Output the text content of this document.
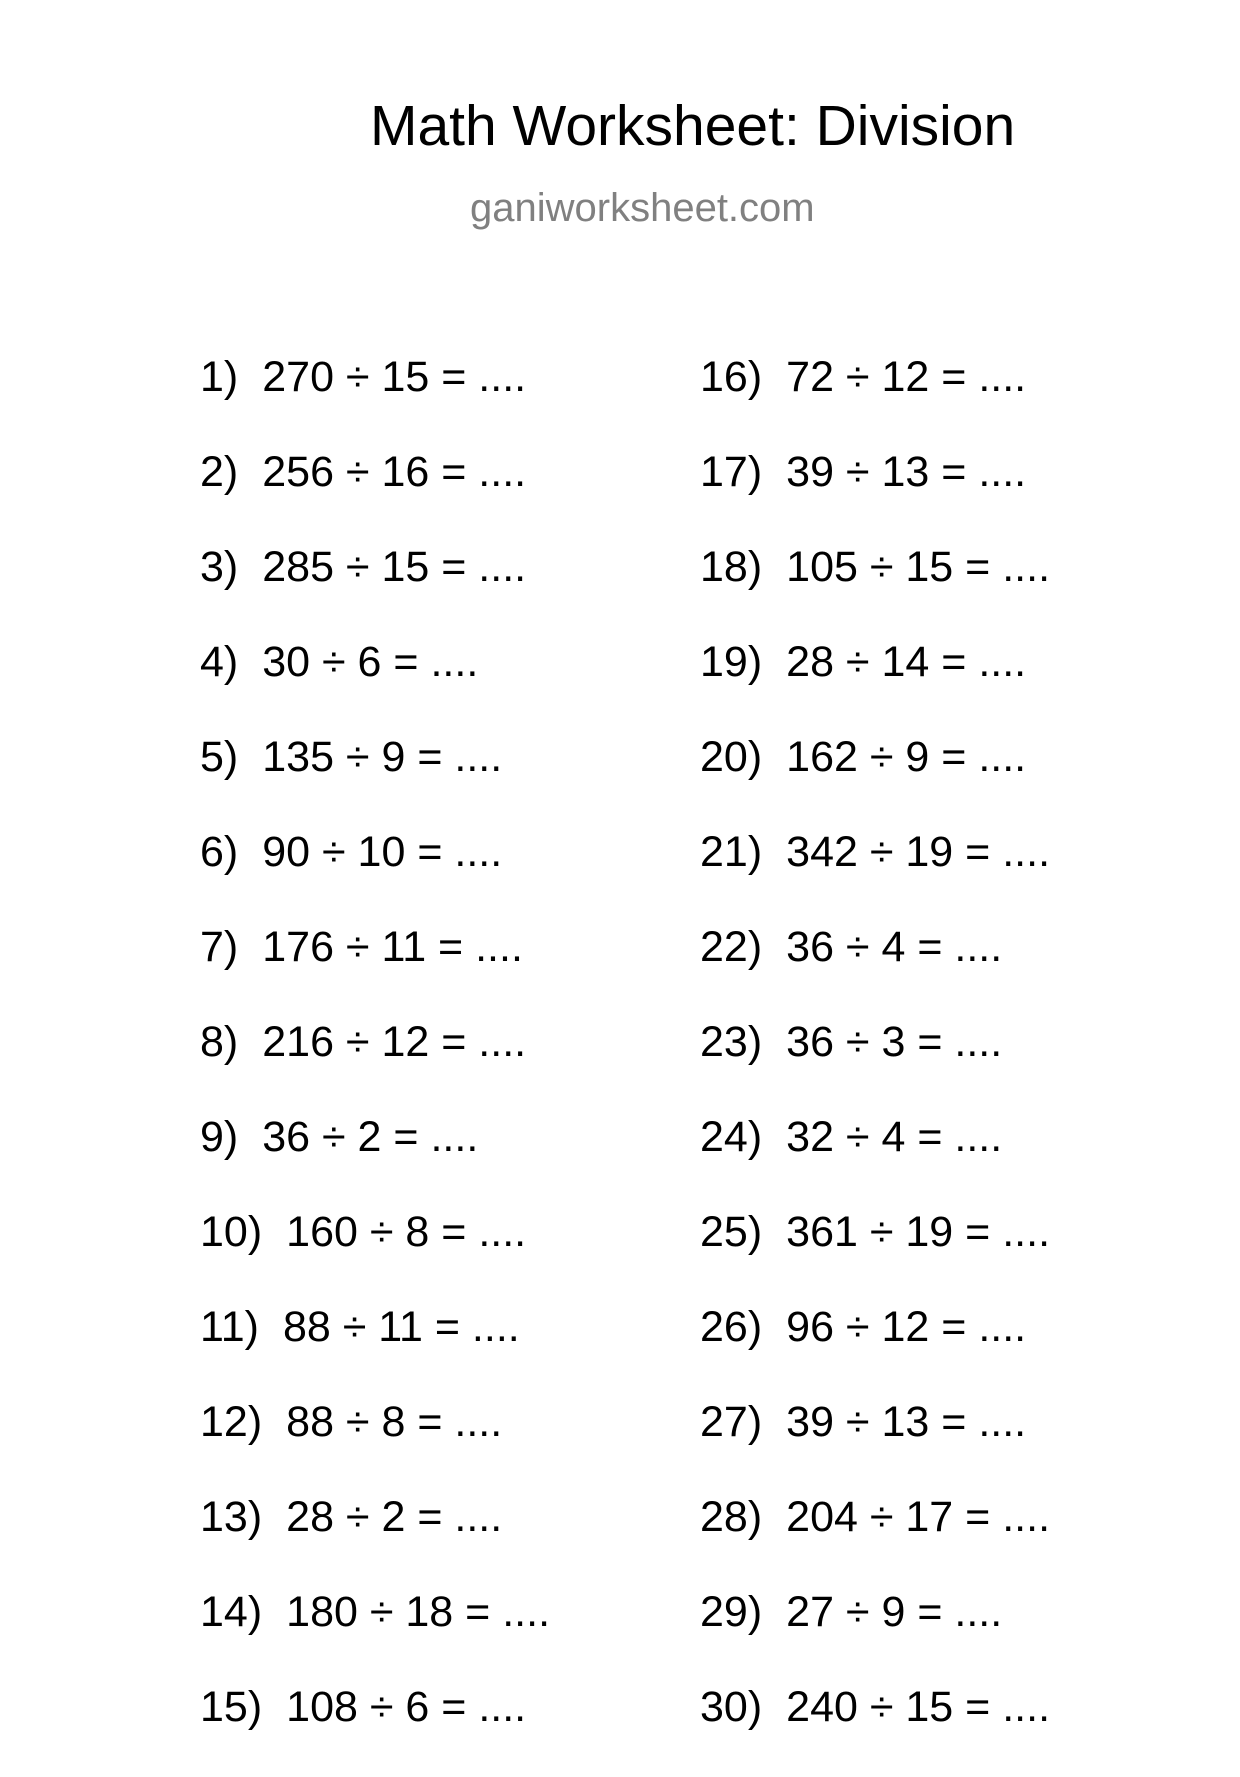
Math Worksheet: Division
ganiworksheet.com
1) 270 ÷ 15 = ....
2) 256 ÷ 16 = ....
3) 285 ÷ 15 = ....
4) 30 ÷ 6 = ....
5) 135 ÷ 9 = ....
6) 90 ÷ 10 = ....
7) 176 ÷ 11 = ....
8) 216 ÷ 12 = ....
9) 36 ÷ 2 = ....
10) 160 ÷ 8 = ....
11) 88 ÷ 11 = ....
12) 88 ÷ 8 = ....
13) 28 ÷ 2 = ....
14) 180 ÷ 18 = ....
15) 108 ÷ 6 = ....
16) 72 ÷ 12 = ....
17) 39 ÷ 13 = ....
18) 105 ÷ 15 = ....
19) 28 ÷ 14 = ....
20) 162 ÷ 9 = ....
21) 342 ÷ 19 = ....
22) 36 ÷ 4 = ....
23) 36 ÷ 3 = ....
24) 32 ÷ 4 = ....
25) 361 ÷ 19 = ....
26) 96 ÷ 12 = ....
27) 39 ÷ 13 = ....
28) 204 ÷ 17 = ....
29) 27 ÷ 9 = ....
30) 240 ÷ 15 = ....
